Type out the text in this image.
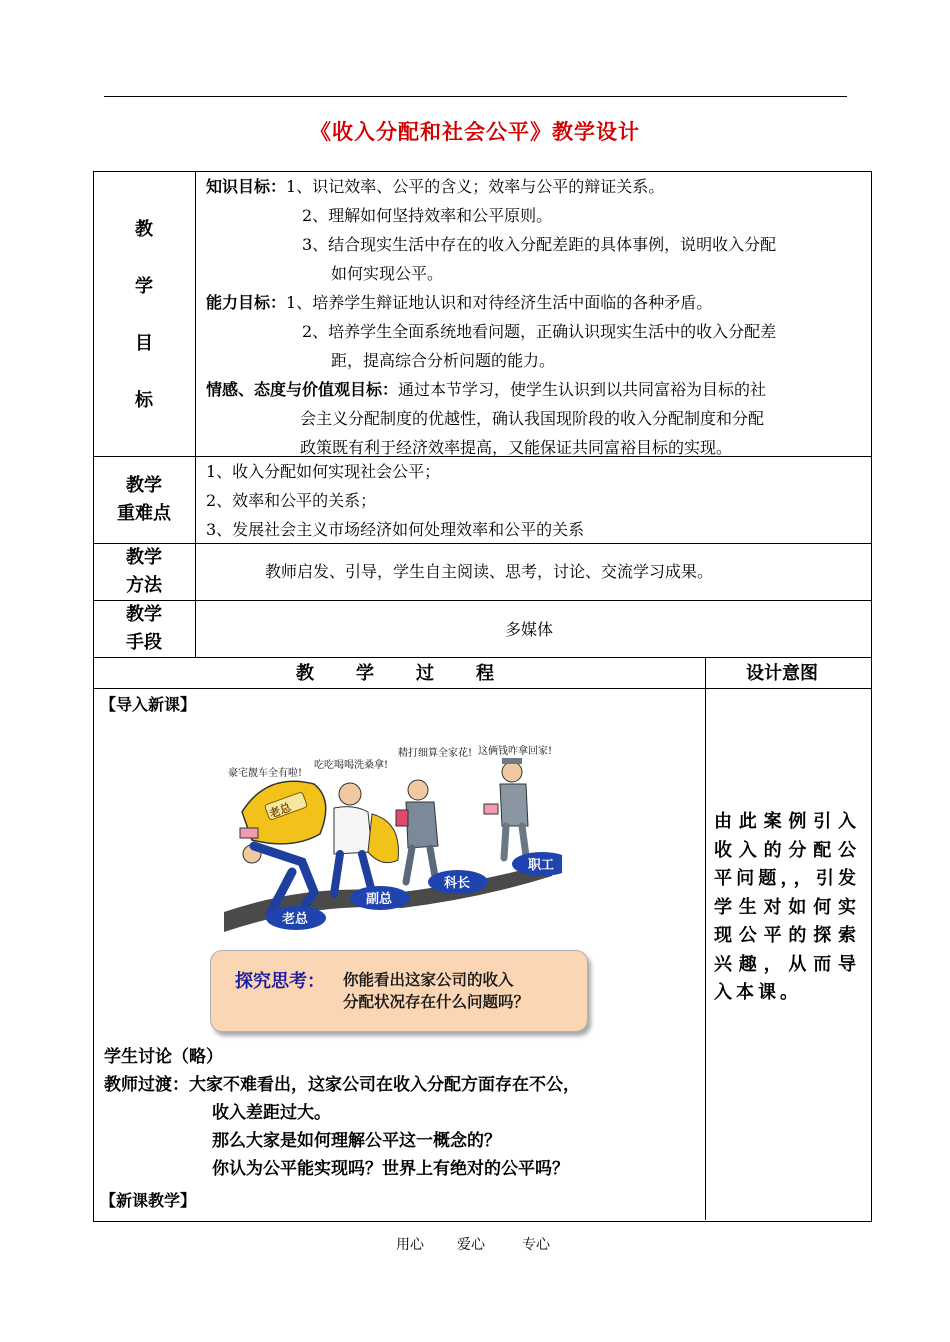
《收入分配和社会公平》教学设计
教
学
目
标
知识目标：1、识记效率、公平的含义；效率与公平的辩证关系。
2、理解如何坚持效率和公平原则。
3、结合现实生活中存在的收入分配差距的具体事例，说明收入分配
如何实现公平。
能力目标：1、培养学生辩证地认识和对待经济生活中面临的各种矛盾。
2、培养学生全面系统地看问题，正确认识现实生活中的收入分配差
距，提高综合分析问题的能力。
情感、态度与价值观目标：通过本节学习，使学生认识到以共同富裕为目标的社
会主义分配制度的优越性，确认我国现阶段的收入分配制度和分配
政策既有利于经济效率提高，又能保证共同富裕目标的实现。
教学
重难点
1、收入分配如何实现社会公平；
2、效率和公平的关系；
3、发展社会主义市场经济如何处理效率和公平的关系
教学
方法
教师启发、引导，学生自主阅读、思考，讨论、交流学习成果。
教学
手段
多媒体
教　　学　　过　　程	设计意图
【导入新课】
老总
豪宅靓车全有啦!
吃吃喝喝洗桑拿!
精打细算全家花! 这俩钱咋拿回家!
老总
副总
科长
职工
探究思考： 你能看出这家公司的收入
分配状况存在什么问题吗？
学生讨论（略）
教师过渡：大家不难看出，这家公司在收入分配方面存在不公，
收入差距过大。
那么大家是如何理解公平这一概念的？
你认为公平能实现吗？世界上有绝对的公平吗？
【新课教学】
由此案例引入收入的分配公平问题，，引发学生对如何实现公平的探索兴趣，从而导入本课。
用心 爱心	专心
